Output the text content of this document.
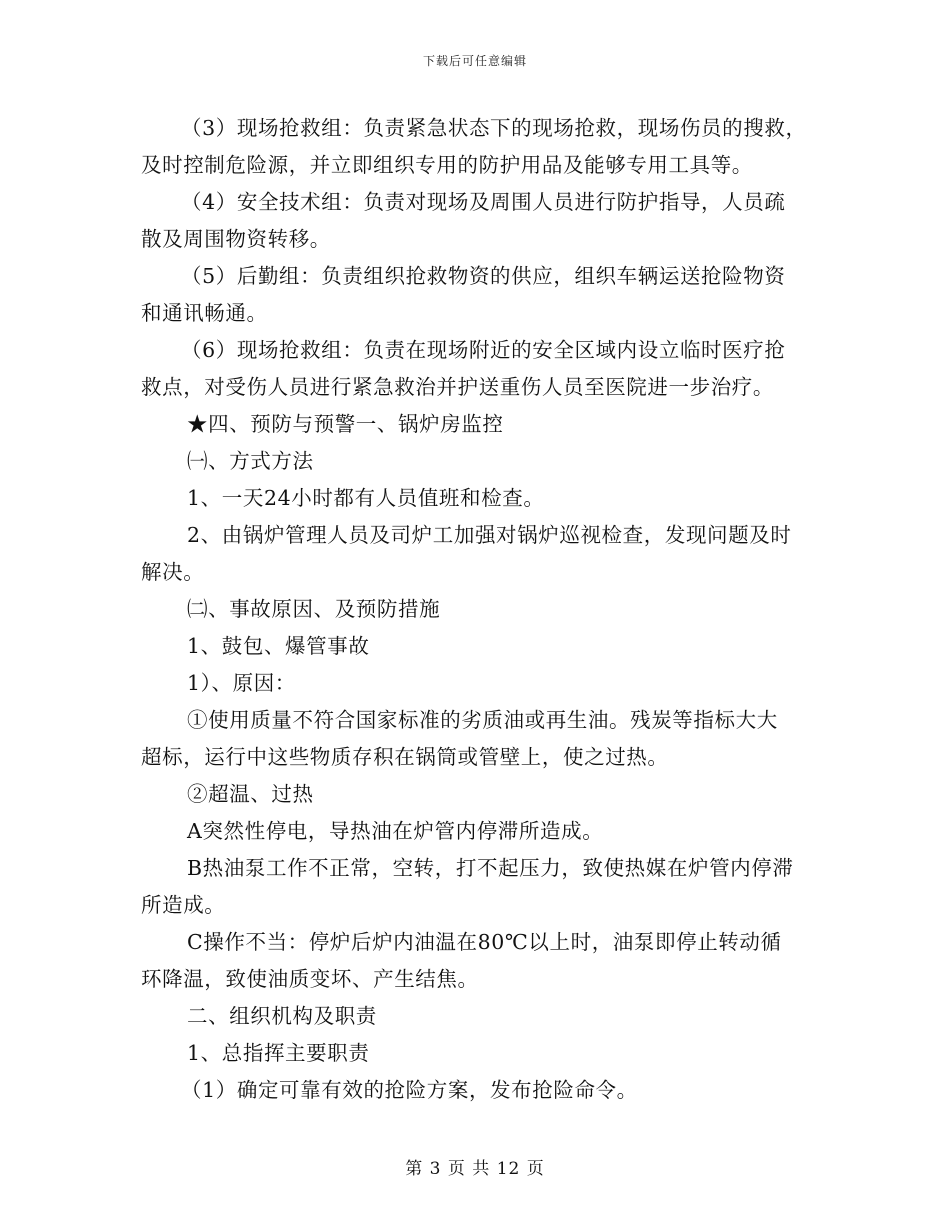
下载后可任意编辑
（3）现场抢救组：负责紧急状态下的现场抢救，现场伤员的搜救，
及时控制危险源，并立即组织专用的防护用品及能够专用工具等。
（4）安全技术组：负责对现场及周围人员进行防护指导，人员疏
散及周围物资转移。
（5）后勤组：负责组织抢救物资的供应，组织车辆运送抢险物资
和通讯畅通。
（6）现场抢救组：负责在现场附近的安全区域内设立临时医疗抢
救点，对受伤人员进行紧急救治并护送重伤人员至医院进一步治疗。
★四、预防与预警一、锅炉房监控
㈠、方式方法
1、一天24小时都有人员值班和检查。
2、由锅炉管理人员及司炉工加强对锅炉巡视检查，发现问题及时
解决。
㈡、事故原因、及预防措施
1、鼓包、爆管事故
1）、原因：
①使用质量不符合国家标准的劣质油或再生油。残炭等指标大大
超标，运行中这些物质存积在锅筒或管壁上，使之过热。
②超温、过热
A突然性停电，导热油在炉管内停滞所造成。
B热油泵工作不正常，空转，打不起压力，致使热媒在炉管内停滞
所造成。
C操作不当：停炉后炉内油温在80℃以上时，油泵即停止转动循
环降温，致使油质变坏、产生结焦。
二、组织机构及职责
1、总指挥主要职责
（1）确定可靠有效的抢险方案，发布抢险命令。
第 3 页 共 12 页
